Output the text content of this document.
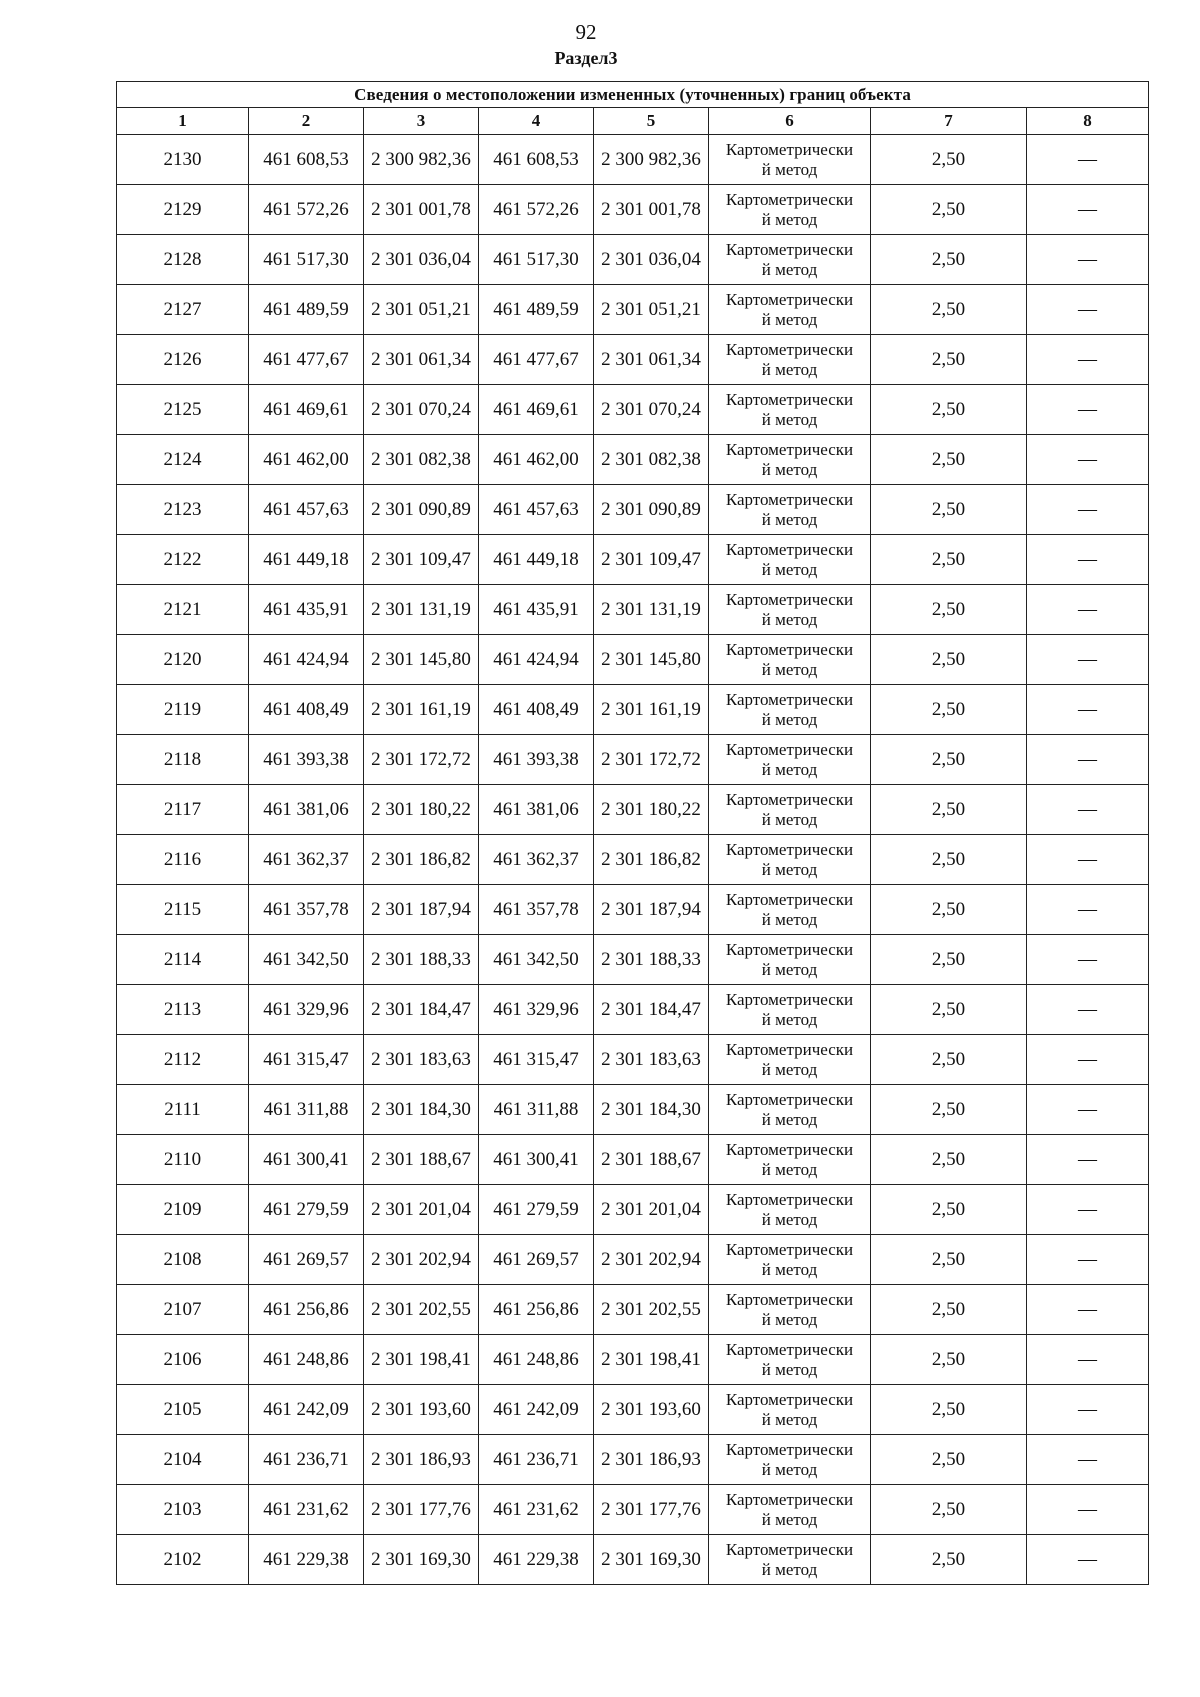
92
Раздел3
Сведения о местоположении измененных (уточненных) границ объекта							
1	2	3	4	5	6	7	8
2130	461 608,53	2 300 982,36	461 608,53	2 300 982,36	Картометрически
й метод	2,50	—
2129	461 572,26	2 301 001,78	461 572,26	2 301 001,78	Картометрически
й метод	2,50	—
2128	461 517,30	2 301 036,04	461 517,30	2 301 036,04	Картометрически
й метод	2,50	—
2127	461 489,59	2 301 051,21	461 489,59	2 301 051,21	Картометрически
й метод	2,50	—
2126	461 477,67	2 301 061,34	461 477,67	2 301 061,34	Картометрически
й метод	2,50	—
2125	461 469,61	2 301 070,24	461 469,61	2 301 070,24	Картометрически
й метод	2,50	—
2124	461 462,00	2 301 082,38	461 462,00	2 301 082,38	Картометрически
й метод	2,50	—
2123	461 457,63	2 301 090,89	461 457,63	2 301 090,89	Картометрически
й метод	2,50	—
2122	461 449,18	2 301 109,47	461 449,18	2 301 109,47	Картометрически
й метод	2,50	—
2121	461 435,91	2 301 131,19	461 435,91	2 301 131,19	Картометрически
й метод	2,50	—
2120	461 424,94	2 301 145,80	461 424,94	2 301 145,80	Картометрически
й метод	2,50	—
2119	461 408,49	2 301 161,19	461 408,49	2 301 161,19	Картометрически
й метод	2,50	—
2118	461 393,38	2 301 172,72	461 393,38	2 301 172,72	Картометрически
й метод	2,50	—
2117	461 381,06	2 301 180,22	461 381,06	2 301 180,22	Картометрически
й метод	2,50	—
2116	461 362,37	2 301 186,82	461 362,37	2 301 186,82	Картометрически
й метод	2,50	—
2115	461 357,78	2 301 187,94	461 357,78	2 301 187,94	Картометрически
й метод	2,50	—
2114	461 342,50	2 301 188,33	461 342,50	2 301 188,33	Картометрически
й метод	2,50	—
2113	461 329,96	2 301 184,47	461 329,96	2 301 184,47	Картометрически
й метод	2,50	—
2112	461 315,47	2 301 183,63	461 315,47	2 301 183,63	Картометрически
й метод	2,50	—
2111	461 311,88	2 301 184,30	461 311,88	2 301 184,30	Картометрически
й метод	2,50	—
2110	461 300,41	2 301 188,67	461 300,41	2 301 188,67	Картометрически
й метод	2,50	—
2109	461 279,59	2 301 201,04	461 279,59	2 301 201,04	Картометрически
й метод	2,50	—
2108	461 269,57	2 301 202,94	461 269,57	2 301 202,94	Картометрически
й метод	2,50	—
2107	461 256,86	2 301 202,55	461 256,86	2 301 202,55	Картометрически
й метод	2,50	—
2106	461 248,86	2 301 198,41	461 248,86	2 301 198,41	Картометрически
й метод	2,50	—
2105	461 242,09	2 301 193,60	461 242,09	2 301 193,60	Картометрически
й метод	2,50	—
2104	461 236,71	2 301 186,93	461 236,71	2 301 186,93	Картометрически
й метод	2,50	—
2103	461 231,62	2 301 177,76	461 231,62	2 301 177,76	Картометрически
й метод	2,50	—
2102	461 229,38	2 301 169,30	461 229,38	2 301 169,30	Картометрически
й метод	2,50	—
